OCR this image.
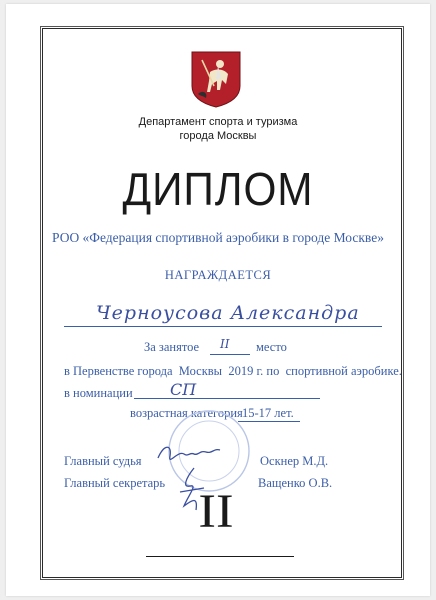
Департамент спорта и туризма
города Москвы
ДИПЛОМ
РОО «Федерация спортивной аэробики в городе Москве»
НАГРАЖДАЕТСЯ
Черноусова Александра
За занятое II место
в Первенстве города  Москвы  2019 г. по  спортивной аэробике.
в номинации СП
возрастная категория 15-17 лет.
Главный судья	Оскнер М.Д.
Главный секретарь	Ващенко О.В.
II
